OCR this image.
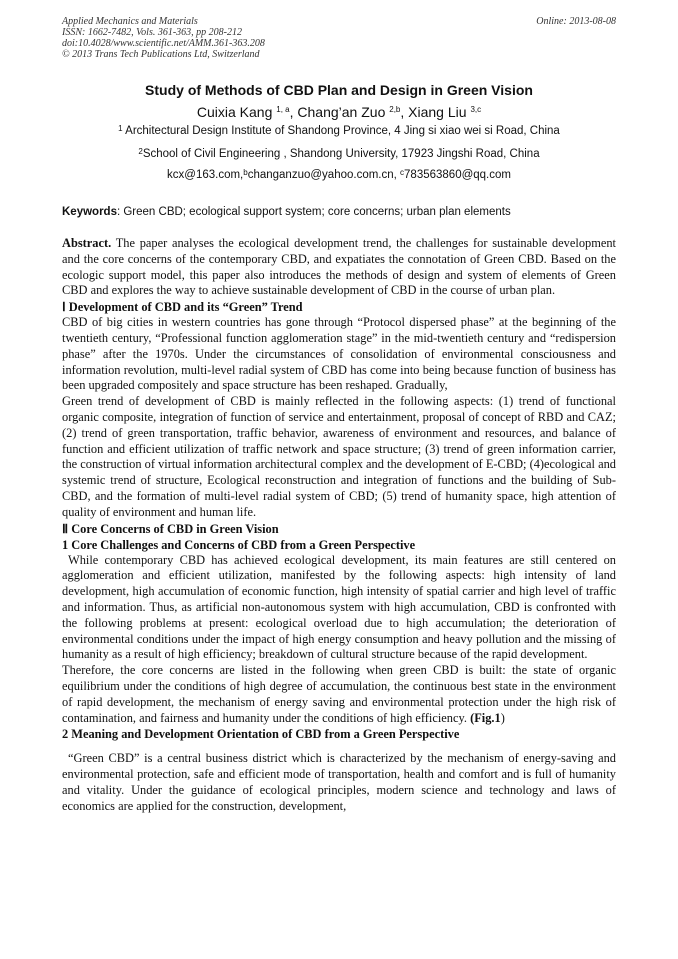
Applied Mechanics and Materials
ISSN: 1662-7482, Vols. 361-363, pp 208-212
doi:10.4028/www.scientific.net/AMM.361-363.208
© 2013 Trans Tech Publications Ltd, Switzerland
Online: 2013-08-08
Study of Methods of CBD Plan and Design in Green Vision
Cuixia Kang $^{1, a}$, Chang’an Zuo $^{2,b}$, Xiang Liu $^{3,c}$
$^1$ Architectural Design Institute of Shandong Province, 4 Jing si xiao wei si Road, China
$^2$School of Civil Engineering , Shandong University, 17923 Jingshi Road, China
kcx@163.com,$^b$changanzuo@yahoo.com.cn, $^c$783563860@qq.com
Keywords: Green CBD; ecological support system; core concerns; urban plan elements

Abstract. The paper analyses the ecological development trend, the challenges for sustainable development and the core concerns of the contemporary CBD, and expatiates the connotation of Green CBD. Based on the ecologic support model, this paper also introduces the methods of design and system of elements of Green CBD and explores the way to achieve sustainable development of CBD in the course of urban plan.

Ⅰ Development of CBD and its “Green” Trend

CBD of big cities in western countries has gone through “Protocol dispersed phase” at the beginning of the twentieth century, “Professional function agglomeration stage” in the mid-twentieth century and “redispersion phase” after the 1970s. Under the circumstances of consolidation of environmental consciousness and information revolution, multi-level radial system of CBD has come into being because function of business has been upgraded compositely and space structure has been reshaped. Gradually,

Green trend of development of CBD is mainly reflected in the following aspects: (1) trend of functional organic composite, integration of function of service and entertainment, proposal of concept of RBD and CAZ; (2) trend of green transportation, traffic behavior, awareness of environment and resources, and balance of function and efficient utilization of traffic network and space structure; (3) trend of green information carrier, the construction of virtual information architectural complex and the development of E-CBD; (4)ecological and systemic trend of structure, Ecological reconstruction and integration of functions and the building of Sub-CBD, and the formation of multi-level radial system of CBD; (5) trend of humanity space, high attention of quality of environment and human life.

Ⅱ Core Concerns of CBD in Green Vision
1 Core Challenges and Concerns of CBD from a Green Perspective

While contemporary CBD has achieved ecological development, its main features are still centered on agglomeration and efficient utilization, manifested by the following aspects: high intensity of land development, high accumulation of economic function, high intensity of spatial carrier and high level of traffic and information. Thus, as artificial non-autonomous system with high accumulation, CBD is confronted with the following problems at present: ecological overload due to high accumulation; the deterioration of environmental conditions under the impact of high energy consumption and heavy pollution and the missing of humanity as a result of high efficiency; breakdown of cultural structure because of the rapid development.

Therefore, the core concerns are listed in the following when green CBD is built: the state of organic equilibrium under the conditions of high degree of accumulation, the continuous best state in the environment of rapid development, the mechanism of energy saving and environmental protection under the high risk of contamination, and fairness and humanity under the conditions of high efficiency. (Fig.1)

2 Meaning and Development Orientation of CBD from a Green Perspective

“Green CBD” is a central business district which is characterized by the mechanism of energy-saving and environmental protection, safe and efficient mode of transportation, health and comfort and is full of humanity and vitality. Under the guidance of ecological principles, modern science and technology and laws of economics are applied for the construction, development,
